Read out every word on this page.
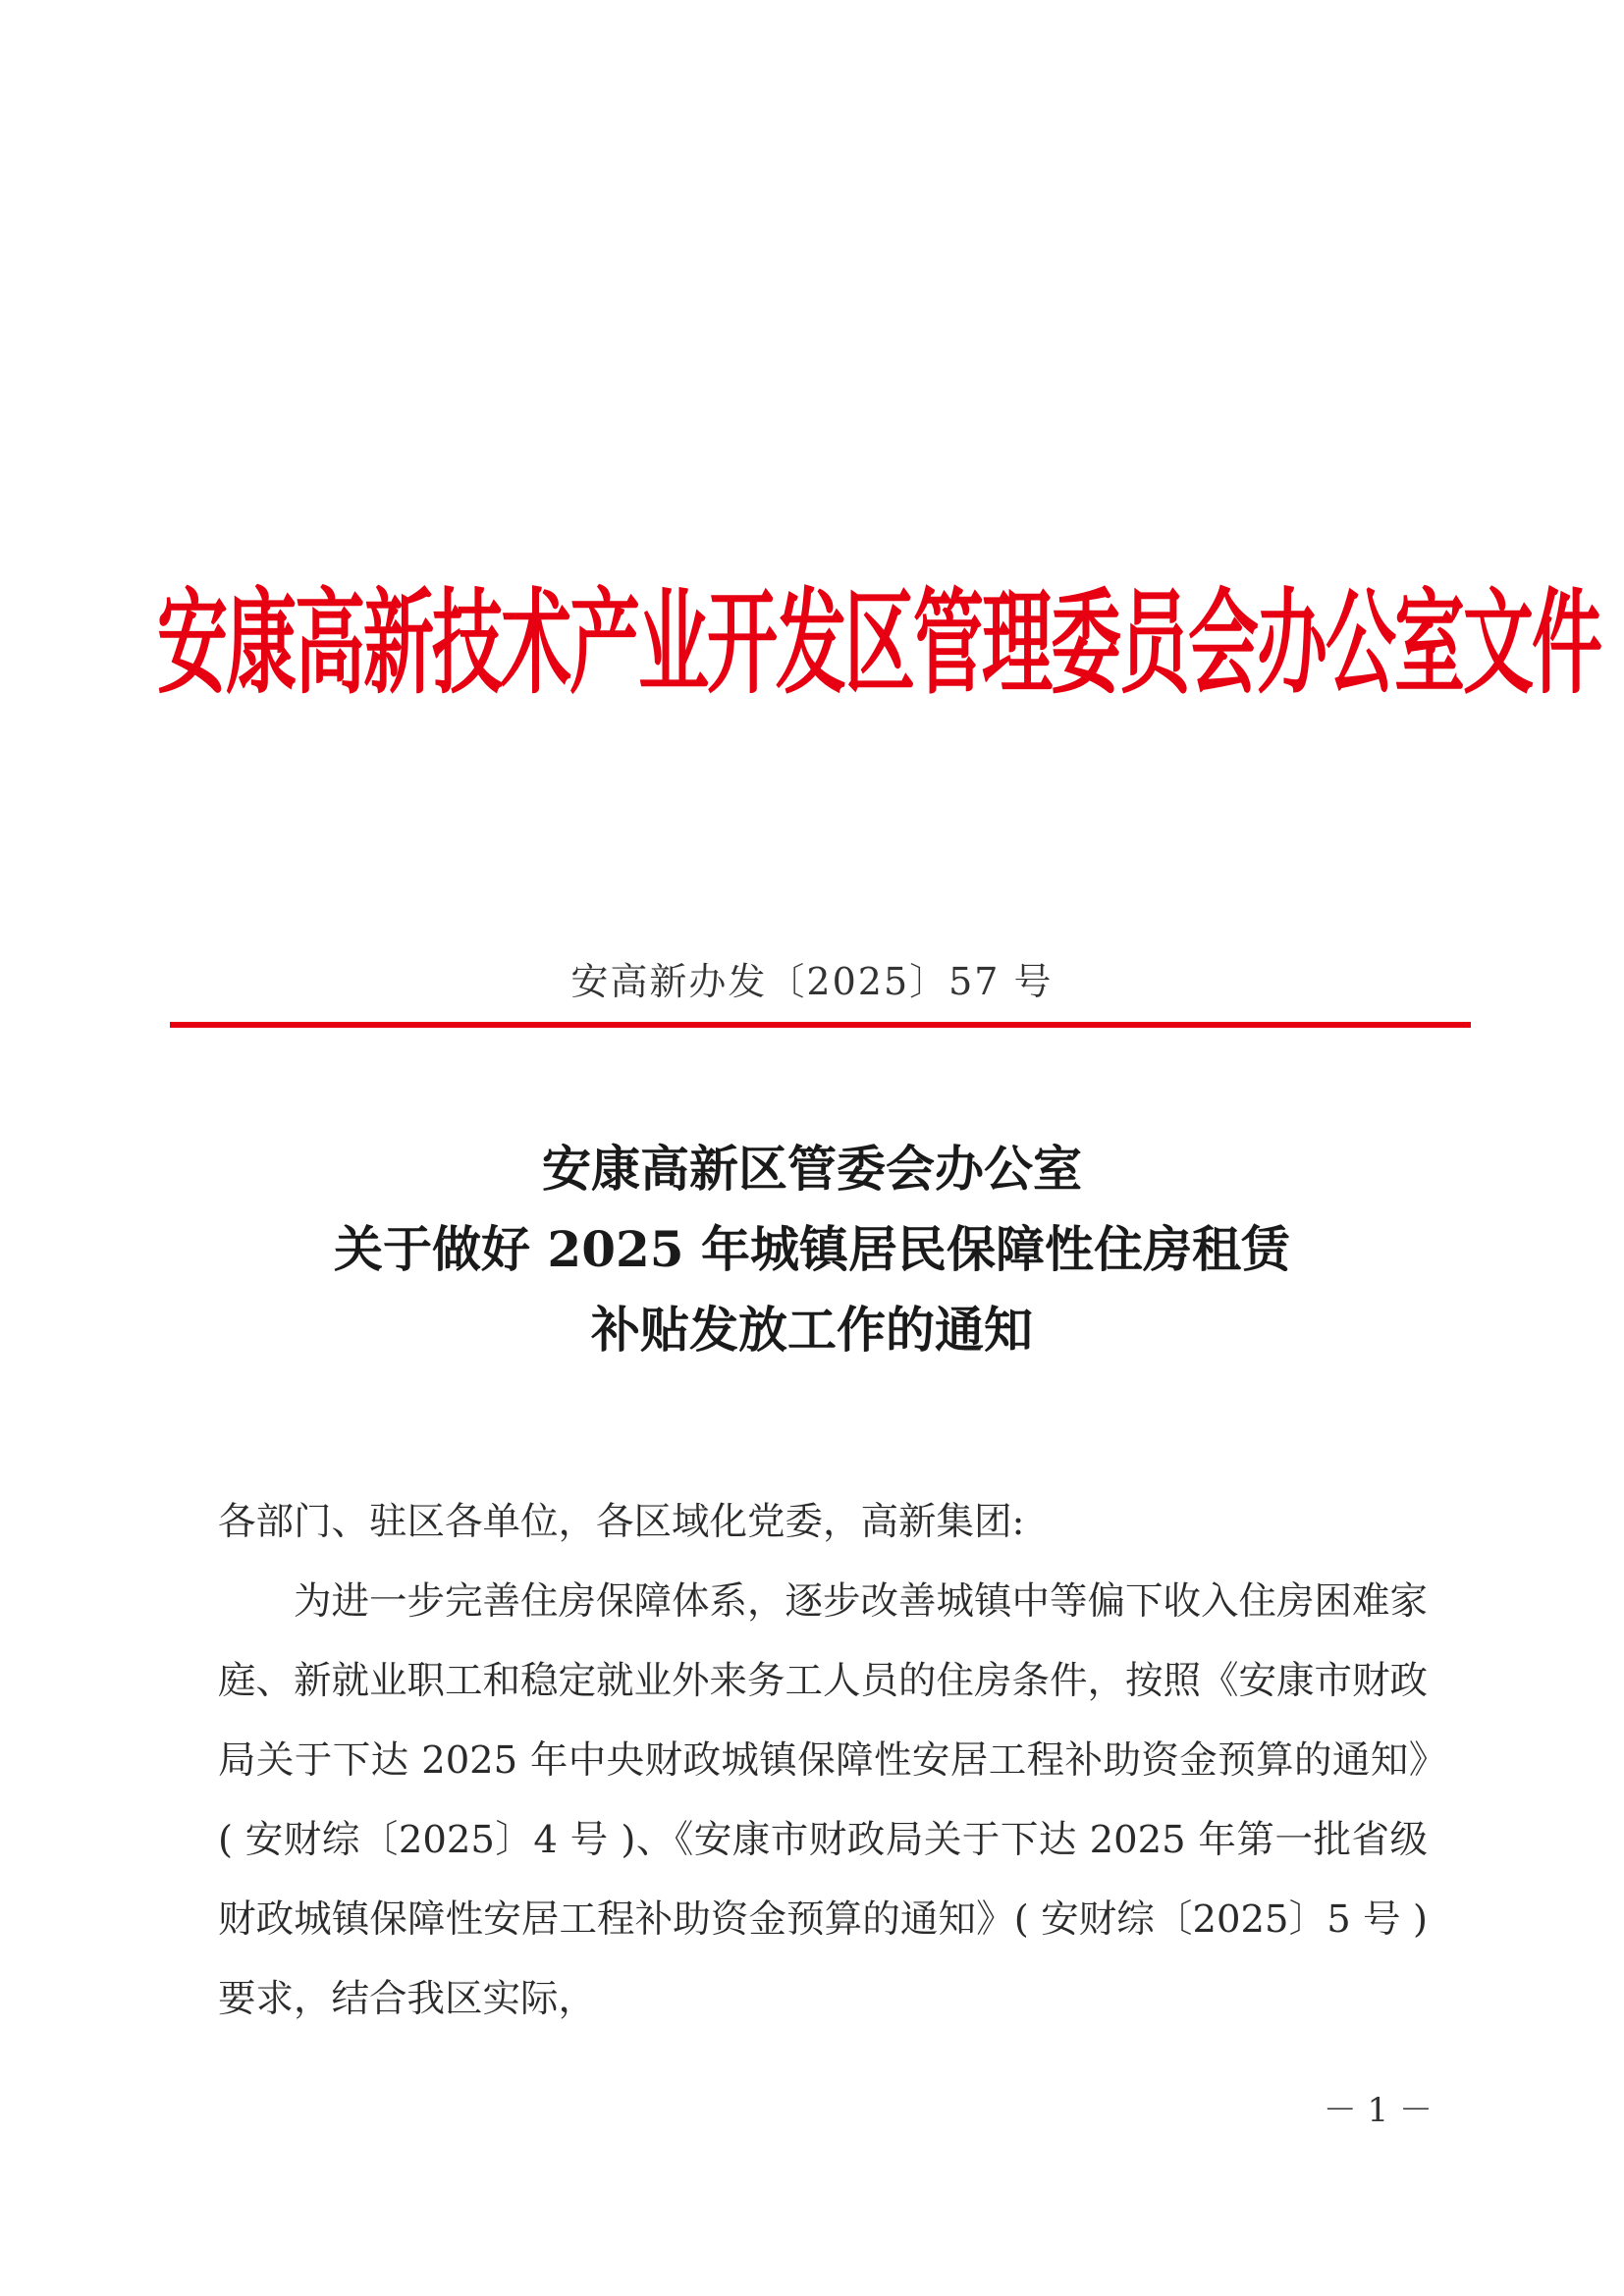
安康高新技术产业开发区管理委员会办公室文件
安高新办发〔2025〕57 号
安康高新区管委会办公室
关于做好 2025 年城镇居民保障性住房租赁
补贴发放工作的通知

各部门、驻区各单位，各区域化党委，高新集团:

为进一步完善住房保障体系，逐步改善城镇中等偏下收入住房困难家庭、新就业职工和稳定就业外来务工人员的住房条件，按照《安康市财政局关于下达 2025 年中央财政城镇保障性安居工程补助资金预算的通知》( 安财综〔2025〕4 号 )、《安康市财政局关于下达 2025 年第一批省级财政城镇保障性安居工程补助资金预算的通知》( 安财综〔2025〕5 号 ) 要求，结合我区实际，

－ 1 －
